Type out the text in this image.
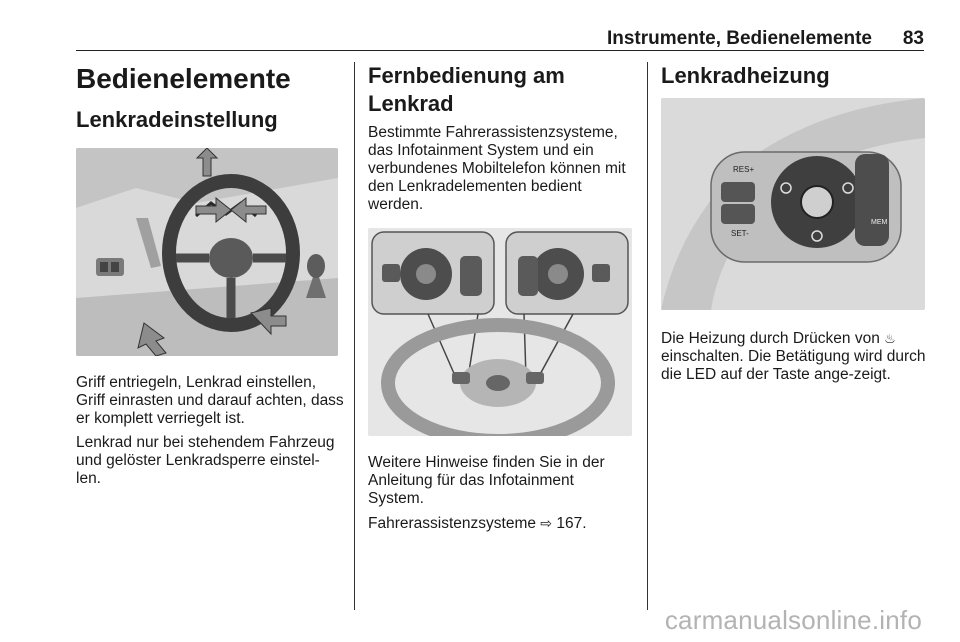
Instrumente, Bedienelemente 83
Bedienelemente
Lenkradeinstellung

Griff entriegeln, Lenkrad einstellen, Griff einrasten und darauf achten, dass er komplett verriegelt ist.

Lenkrad nur bei stehendem Fahrzeug und gelöster Lenkradsperre einstel-len.

Fernbedienung am Lenkrad

Bestimmte Fahrerassistenzsysteme, das Infotainment System und ein verbundenes Mobiltelefon können mit den Lenkradelementen bedient werden.

Weitere Hinweise finden Sie in der Anleitung für das Infotainment System.

Fahrerassistenzsysteme ⇨ 167.

Lenkradheizung
RES+
SET-
MEM

Die Heizung durch Drücken von ♨ einschalten. Die Betätigung wird durch die LED auf der Taste ange-zeigt.

carmanualsonline.info
